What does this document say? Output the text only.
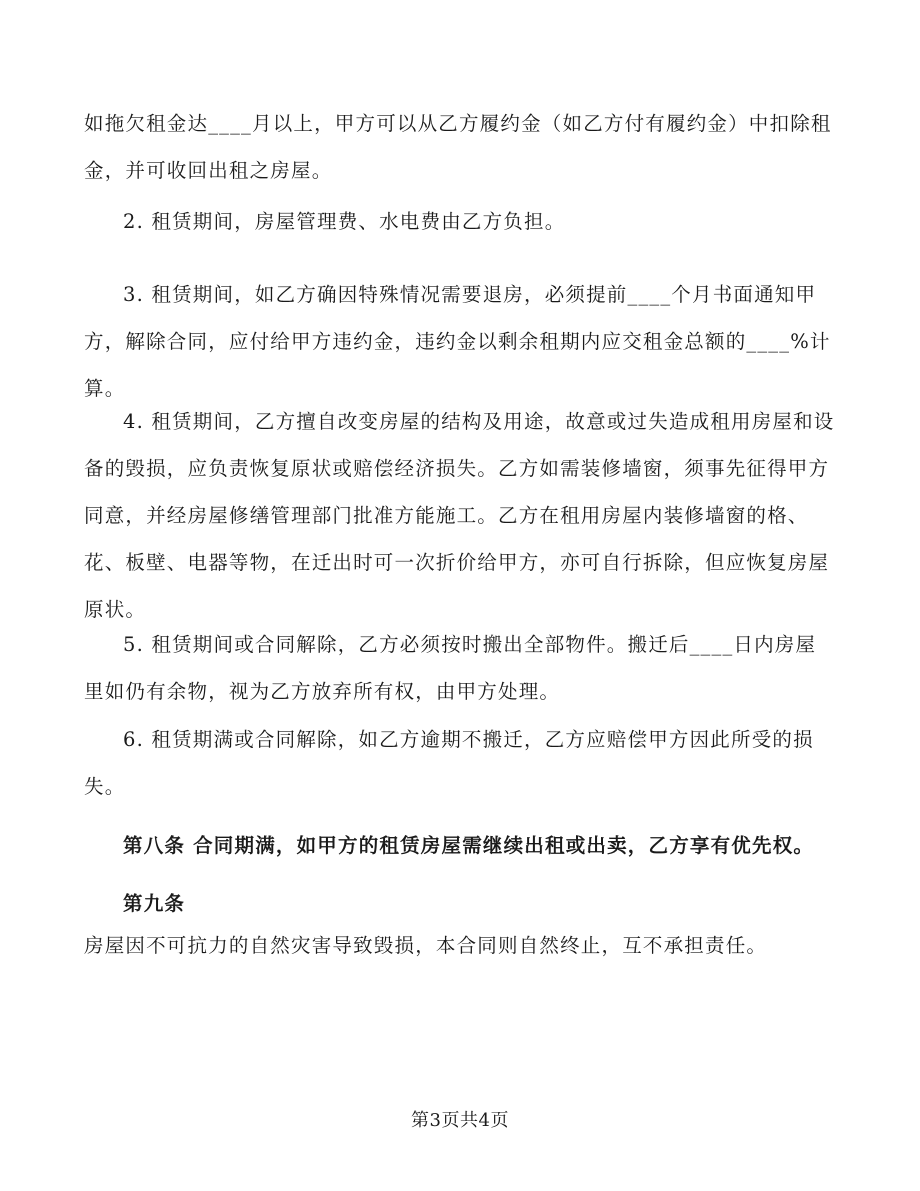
如拖欠租金达____月以上，甲方可以从乙方履约金（如乙方付有履约金）中扣除租金，并可收回出租之房屋。
2. 租赁期间，房屋管理费、水电费由乙方负担。
3. 租赁期间，如乙方确因特殊情况需要退房，必须提前____个月书面通知甲方，解除合同，应付给甲方违约金，违约金以剩余租期内应交租金总额的____%计算。
4. 租赁期间，乙方擅自改变房屋的结构及用途，故意或过失造成租用房屋和设备的毁损，应负责恢复原状或赔偿经济损失。乙方如需装修墙窗，须事先征得甲方同意，并经房屋修缮管理部门批准方能施工。乙方在租用房屋内装修墙窗的格、花、板壁、电器等物，在迁出时可一次折价给甲方，亦可自行拆除，但应恢复房屋原状。
5. 租赁期间或合同解除，乙方必须按时搬出全部物件。搬迁后____日内房屋里如仍有余物，视为乙方放弃所有权，由甲方处理。
6. 租赁期满或合同解除，如乙方逾期不搬迁，乙方应赔偿甲方因此所受的损失。
第八条 合同期满，如甲方的租赁房屋需继续出租或出卖，乙方享有优先权。
第九条
房屋因不可抗力的自然灾害导致毁损，本合同则自然终止，互不承担责任。
第3页共4页
